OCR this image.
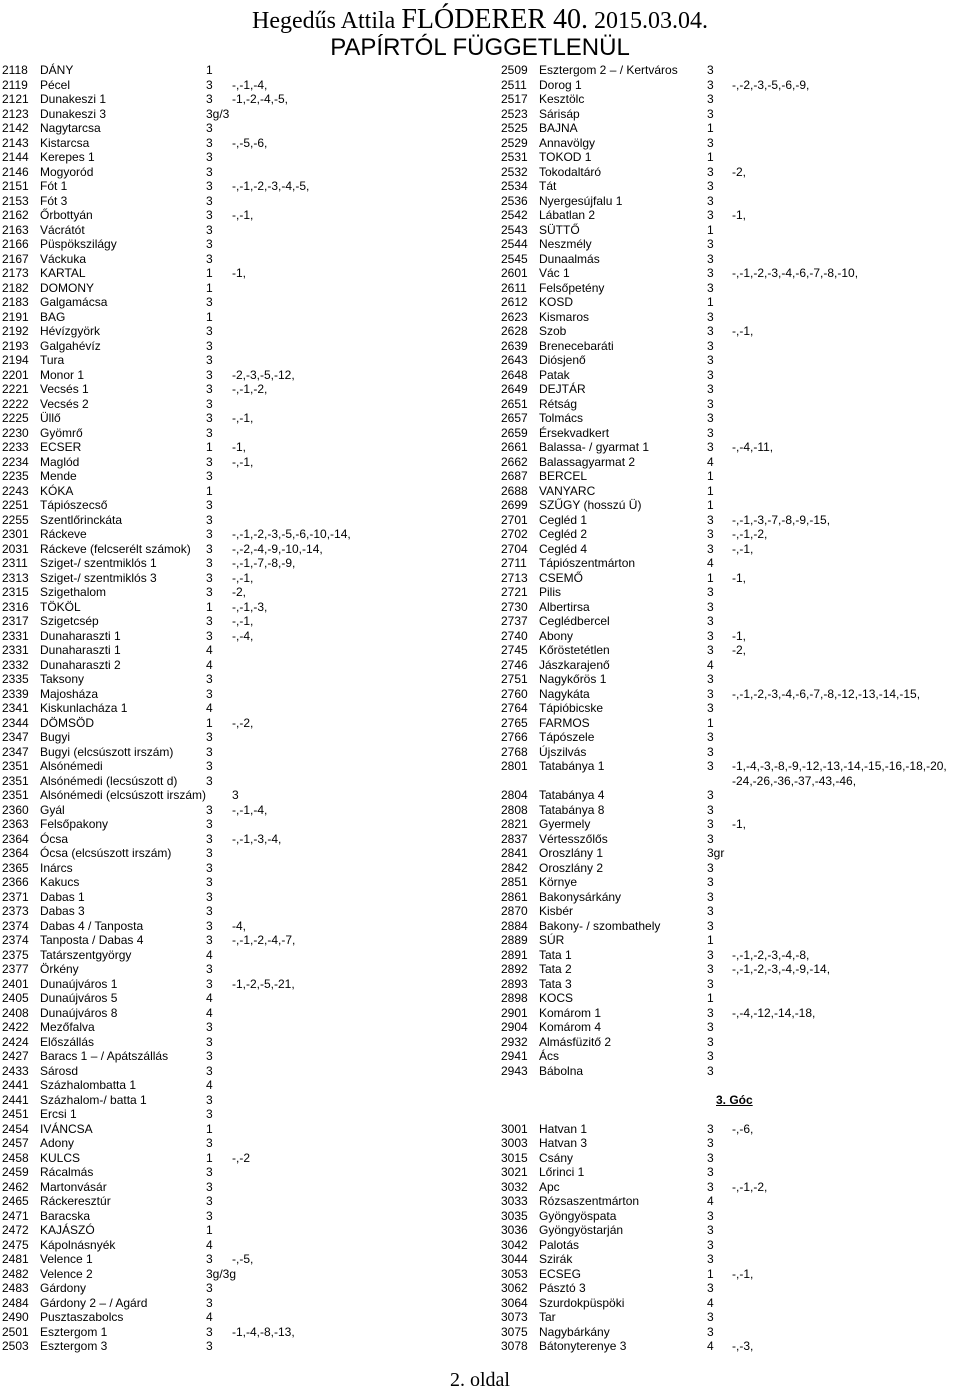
Hegedűs Attila FLÓDERER 40. 2015.03.04.
PAPÍRTÓL FÜGGETLENÜL
2118 DÁNY	1
2119 Pécel	3 -,-1,-4,
2121 Dunakeszi 1	3 -1,-2,-4,-5,
2123 Dunakeszi 3	3g/3
2142 Nagytarcsa	3
2143 Kistarcsa	3 -,-5,-6,
2144 Kerepes 1	3
2146 Mogyoród	3
2151 Fót 1	3 -,-1,-2,-3,-4,-5,
2153 Fót 3	3
2162 Őrbottyán	3 -,-1,
2163 Vácrátót	3
2166 Püspökszilágy	3
2167 Váckuka	3
2173 KARTAL	1 -1,
2182 DOMONY	1
2183 Galgamácsa	3
2191 BAG	1
2192 Hévízgyörk	3
2193 Galgahévíz	3
2194 Tura	3
2201 Monor 1	3 -2,-3,-5,-12,
2221 Vecsés 1	3 -,-1,-2,
2222 Vecsés 2	3
2225 Üllő	3 -,-1,
2230 Gyömrő	3
2233 ECSER	1 -1,
2234 Maglód	3 -,-1,
2235 Mende	3
2243 KÓKA	1
2251 Tápiószecső	3
2255 Szentlőrinckáta	3
2301 Ráckeve	3 -,-1,-2,-3,-5,-6,-10,-14,
2031 Ráckeve (felcserélt számok) 3 -,-2,-4,-9,-10,-14,
2311 Sziget-/ szentmiklós 1	3 -,-1,-7,-8,-9,
2313 Sziget-/ szentmiklós 3	3 -,-1,
2315 Szigethalom	3 -2,
2316 TÖKÖL	1 -,-1,-3,
2317 Szigetcsép	3 -,-1,
2331 Dunaharaszti 1	3 -,-4,
2331 Dunaharaszti 1	4
2332 Dunaharaszti 2	4
2335 Taksony	3
2339 Majosháza	3
2341 Kiskunlacháza 1	4
2344 DÖMSÖD	1 -,-2,
2347 Bugyi	3
2347 Bugyi (elcsúszott irszám)	3
2351 Alsónémedi	3
2351 Alsónémedi (lecsúszott d) 3
2351 Alsónémedi (elcsúszott irszám) 3
2360 Gyál	3 -,-1,-4,
2363 Felsőpakony	3
2364 Ócsa	3 -,-1,-3,-4,
2364 Ócsa (elcsúszott irszám)	3
2365 Inárcs	3
2366 Kakucs	3
2371 Dabas 1	3
2373 Dabas 3	3
2374 Dabas 4 / Tanposta	3 -4,
2374 Tanposta / Dabas 4	3 -,-1,-2,-4,-7,
2375 Tatárszentgyörgy	4
2377 Örkény	3
2401 Dunaújváros 1	3 -1,-2,-5,-21,
2405 Dunaújváros 5	4
2408 Dunaújváros 8	4
2422 Mezőfalva	3
2424 Előszállás	3
2427 Baracs 1 – / Apátszállás	3
2433 Sárosd	3
2441 Százhalombatta 1	4
2441 Százhalom-/ batta 1	3
2451 Ercsi 1	3
2454 IVÁNCSA	1
2457 Adony	3
2458 KULCS	1 -,-2
2459 Rácalmás	3
2462 Martonvásár	3
2465 Ráckeresztúr	3
2471 Baracska	3
2472 KAJÁSZÓ	1
2475 Kápolnásnyék	4
2481 Velence 1	3 -,-5,
2482 Velence 2	3g/3g
2483 Gárdony	3
2484 Gárdony 2 – / Agárd	3
2490 Pusztaszabolcs	4
2501 Esztergom 1	3 -1,-4,-8,-13,
2503 Esztergom 3	3
2509 Esztergom 2 – / Kertváros 3
2511 Dorog 1	3 -,-2,-3,-5,-6,-9,
2517 Kesztölc	3
2523 Sárisáp	3
2525 BAJNA	1
2529 Annavölgy	3
2531 TOKOD 1	1
2532 Tokodaltáró	3 -2,
2534 Tát	3
2536 Nyergesújfalu 1	3
2542 Lábatlan 2	3 -1,
2543 SÜTTŐ	1
2544 Neszmély	3
2545 Dunaalmás	3
2601 Vác 1	3 -,-1,-2,-3,-4,-6,-7,-8,-10,
2611 Felsőpetény	3
2612 KOSD	1
2623 Kismaros	3
2628 Szob	3 -,-1,
2639 Brenecebaráti	3
2643 Diósjenő	3
2648 Patak	3
2649 DEJTÁR	3
2651 Rétság	3
2657 Tolmács	3
2659 Érsekvadkert	3
2661 Balassa- / gyarmat 1	3 -,-4,-11,
2662 Balassagyarmat 2	4
2687 BERCEL	1
2688 VANYARC	1
2699 SZŰGY (hosszú Ü)	1
2701 Cegléd 1	3 -,-1,-3,-7,-8,-9,-15,
2702 Cegléd 2	3 -,-1,-2,
2704 Cegléd 4	3 -,-1,
2711 Tápiószentmárton	4
2713 CSEMŐ	1 -1,
2721 Pilis	3
2730 Albertirsa	3
2737 Ceglédbercel	3
2740 Abony	3 -1,
2745 Kőröstetétlen	3 -2,
2746 Jászkarajenő	4
2751 Nagykőrös 1	3
2760 Nagykáta	3 -,-1,-2,-3,-4,-6,-7,-8,-12,-13,-14,-15,
2764 Tápióbicske	3
2765 FARMOS	1
2766 Tápószele	3
2768 Újszilvás	3
2801 Tatabánya 1	3 -1,-4,-3,-8,-9,-12,-13,-14,-15,-16,-18,-20,
-24,-26,-36,-37,-43,-46,
2804 Tatabánya 4	3
2808 Tatabánya 8	3
2821 Gyermely	3 -1,
2837 Vértesszőlős	3
2841 Oroszlány 1	3gr
2842 Oroszlány 2	3
2851 Környe	3
2861 Bakonysárkány	3
2870 Kisbér	3
2884 Bakony- / szombathely	3
2889 SÚR	1
2891 Tata 1	3 -,-1,-2,-3,-4,-8,
2892 Tata 2	3 -,-1,-2,-3,-4,-9,-14,
2893 Tata 3	3
2898 KOCS	1
2901 Komárom 1	3 -,-4,-12,-14,-18,
2904 Komárom 4	3
2932 Almásfüzitő 2	3
2941 Ács	3
2943 Bábolna	3
3. Góc
3001 Hatvan 1	3 -,-6,
3003 Hatvan 3	3
3015 Csány	3
3021 Lőrinci 1	3
3032 Apc	3 -,-1,-2,
3033 Rózsaszentmárton	4
3035 Gyöngyöspata	3
3036 Gyöngyöstarján	3
3042 Palotás	3
3044 Szirák	3
3053 ECSEG	1 -,-1,
3062 Pásztó 3	3
3064 Szurdokpüspöki	4
3073 Tar	3
3075 Nagybárkány	3
3078 Bátonyterenye 3	4 -,-3,
2. oldal
